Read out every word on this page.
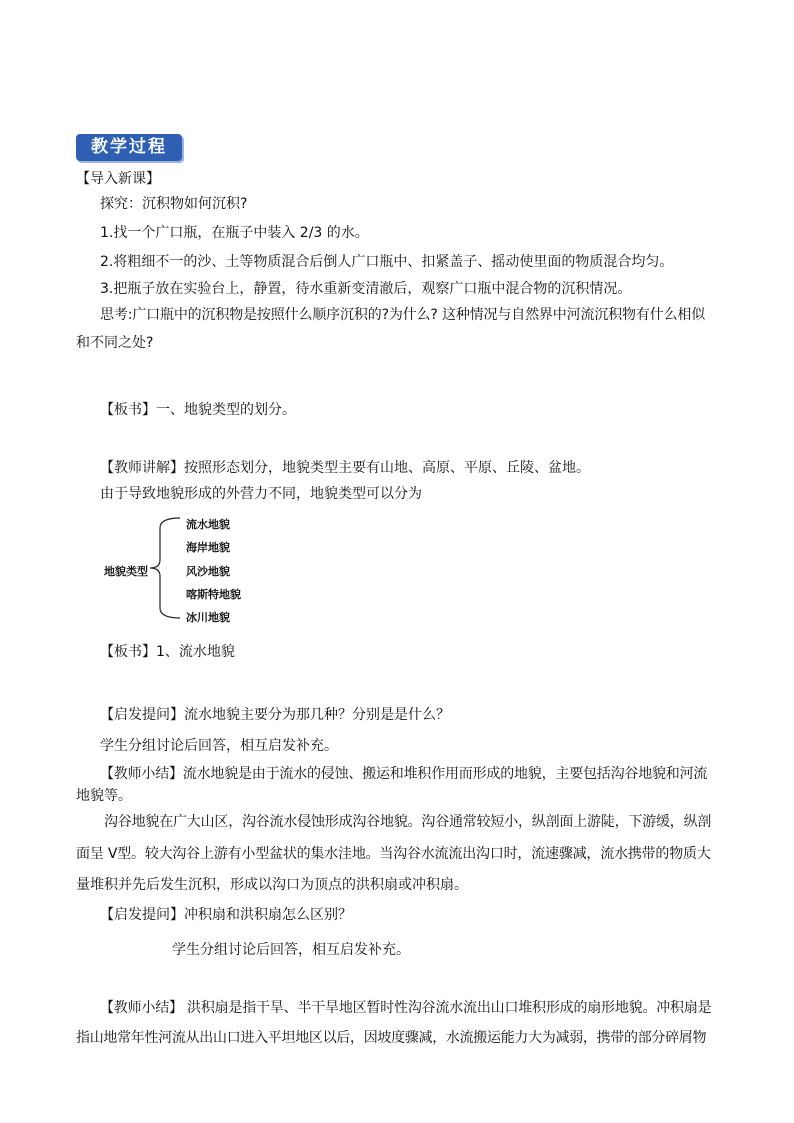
教学过程
【导入新课】
探究：沉积物如何沉积?
1.找一个广口瓶，在瓶子中装入 2/3 的水。
2.将粗细不一的沙、土等物质混合后倒人广口瓶中、扣紧盖子、摇动使里面的物质混合均匀。
3.把瓶子放在实验台上，静置，待水重新变清澈后，观察广口瓶中混合物的沉积情况。
思考:广口瓶中的沉积物是按照什么顺序沉积的?为什么? 这种情况与自然界中河流沉积物有什么相似
和不同之处?
【板书】一、地貌类型的划分。
【教师讲解】按照形态划分，地貌类型主要有山地、高原、平原、丘陵、盆地。
由于导致地貌形成的外营力不同，地貌类型可以分为
地貌类型
流水地貌
海岸地貌
风沙地貌
喀斯特地貌
冰川地貌
【板书】1、流水地貌
【启发提问】流水地貌主要分为那几种？分别是是什么？
学生分组讨论后回答，相互启发补充。
【教师小结】流水地貌是由于流水的侵蚀、搬运和堆积作用而形成的地貌，主要包括沟谷地貌和河流
地貌等。
沟谷地貌在广大山区，沟谷流水侵蚀形成沟谷地貌。沟谷通常较短小，纵剖面上游陡，下游缓，纵剖
面呈 V型。较大沟谷上游有小型盆状的集水洼地。当沟谷水流流出沟口时，流速骤减，流水携带的物质大
量堆积并先后发生沉积，形成以沟口为顶点的洪积扇或冲积扇。
【启发提问】冲积扇和洪积扇怎么区别？
学生分组讨论后回答，相互启发补充。
【教师小结】 洪积扇是指干旱、半干旱地区暂时性沟谷流水流出山口堆积形成的扇形地貌。冲积扇是
指山地常年性河流从出山口进入平坦地区以后，因坡度骤减，水流搬运能力大为减弱，携带的部分碎屑物
